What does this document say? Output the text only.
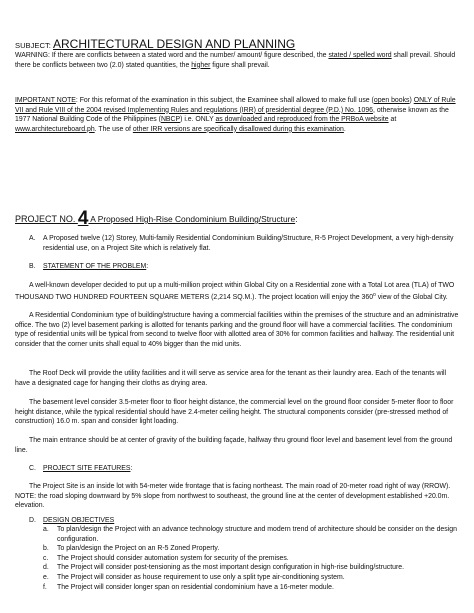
SUBJECT: ARCHITECTURAL DESIGN AND PLANNING
WARNING: If there are conflicts between a stated word and the number/ amount/ figure described, the stated / spelled word shall prevail. Should there be conflicts between two (2.0) stated quantities, the higher figure shall prevail.
IMPORTANT NOTE: For this reformat of the examination in this subject, the Examinee shall allowed to make full use (open books) ONLY of Rule VII and Rule VIII of the 2004 revised Implementing Rules and regulations (IRR) of presidential degree (P.D.) No. 1096, otherwise known as the 1977 National Building Code of the Philippines (NBCP) i.e. ONLY as downloaded and reproduced from the PRBoA website at www.architectureboard.ph. The use of other IRR versions are specifically disallowed during this examination.
PROJECT NO. 4 A Proposed High-Rise Condominium Building/Structure:
A. A Proposed twelve (12) Storey, Multi-family Residential Condominium Building/Structure, R-5 Project Development, a very high-density residential use, on a Project Site which is relatively flat.
B. STATEMENT OF THE PROBLEM:
A well-known developer decided to put up a multi-million project within Global City on a Residential zone with a Total Lot area (TLA) of TWO THOUSAND TWO HUNDRED FOURTEEN SQUARE METERS (2,214 SQ.M.). The project location will enjoy the 360$^o$ view of the Global City.
A Residential Condominium type of building/structure having a commercial facilities within the premises of the structure and an administrative office. The two (2) level basement parking is allotted for tenants parking and the ground floor will have a commercial facilities. The condominium type of residential units will be typical from second to twelve floor with allotted area of 30% for common facilities and hallway. The residential unit consider that the corner units shall equal to 40% bigger than the mid units.
The Roof Deck will provide the utility facilities and it will serve as service area for the tenant as their laundry area. Each of the tenants will have a designated cage for hanging their cloths as drying area.
The basement level consider 3.5-meter floor to floor height distance, the commercial level on the ground floor consider 5-meter floor to floor height distance, while the typical residential should have 2.4-meter ceiling height. The structural components consider (pre-stressed method of construction) 16.0 m. span and consider light loading.
The main entrance should be at center of gravity of the building façade, halfway thru ground floor level and basement level from the ground line.
C. PROJECT SITE FEATURES:
The Project Site is an inside lot with 54-meter wide frontage that is facing northeast. The main road of 20-meter road right of way (RROW). NOTE: the road sloping downward by 5% slope from northwest to southeast, the ground line at the center of development established +20.0m. elevation.
D. DESIGN OBJECTIVES
a. To plan/design the Project with an advance technology structure and modern trend of architecture should be consider on the design configuration.
b. To plan/design the Project on an R-5 Zoned Property.
c. The Project should consider automation system for security of the premises.
d. The Project will consider post-tensioning as the most important design configuration in high-rise building/structure.
e. The Project will consider as house requirement to use only a split type air-conditioning system.
f. The Project will consider longer span on residential condominium have a 16-meter module.
